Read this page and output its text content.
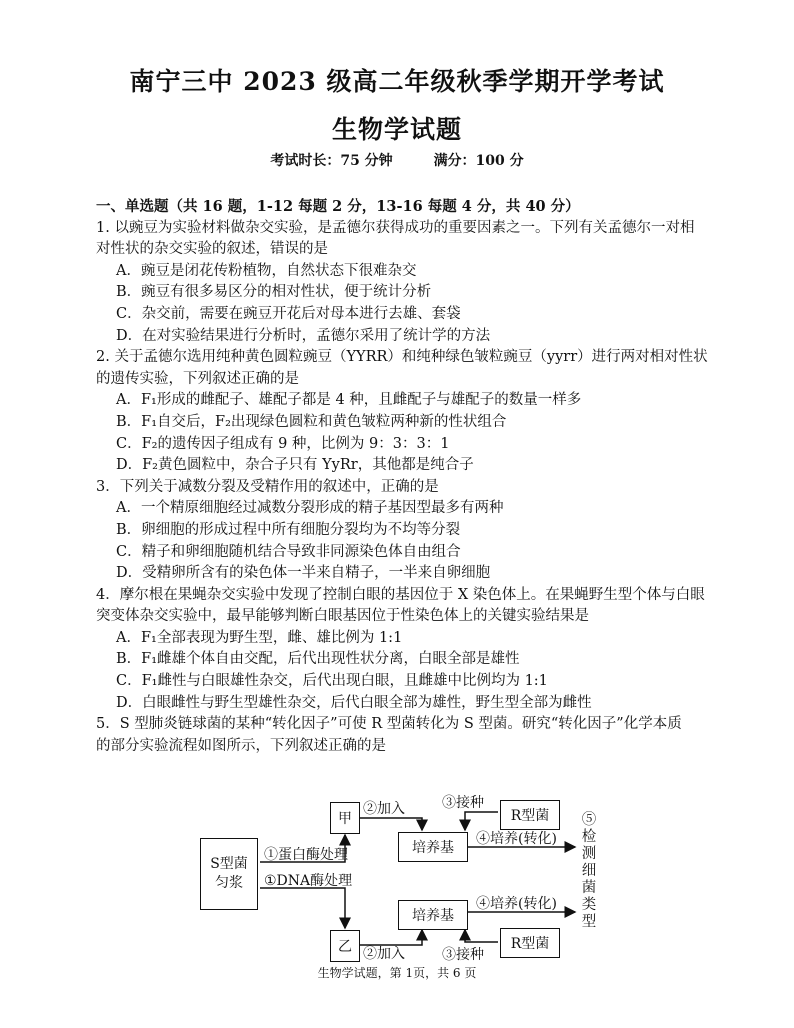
南宁三中 2023 级高二年级秋季学期开学考试
生物学试题
考试时长：75 分钟	满分：100 分
一、单选题（共 16 题，1-12 每题 2 分，13-16 每题 4 分，共 40 分）
1. 以豌豆为实验材料做杂交实验，是孟德尔获得成功的重要因素之一。下列有关孟德尔一对相
对性状的杂交实验的叙述，错误的是
A．豌豆是闭花传粉植物，自然状态下很难杂交
B．豌豆有很多易区分的相对性状，便于统计分析
C．杂交前，需要在豌豆开花后对母本进行去雄、套袋
D．在对实验结果进行分析时，孟德尔采用了统计学的方法
2. 关于孟德尔选用纯种黄色圆粒豌豆（YYRR）和纯种绿色皱粒豌豆（yyrr）进行两对相对性状
的遗传实验，下列叙述正确的是
A．F₁形成的雌配子、雄配子都是 4 种，且雌配子与雄配子的数量一样多
B．F₁自交后，F₂出现绿色圆粒和黄色皱粒两种新的性状组合
C．F₂的遗传因子组成有 9 种，比例为 9：3：3：1
D．F₂黄色圆粒中，杂合子只有 YyRr，其他都是纯合子
3．下列关于减数分裂及受精作用的叙述中，正确的是
A．一个精原细胞经过减数分裂形成的精子基因型最多有两种
B．卵细胞的形成过程中所有细胞分裂均为不均等分裂
C．精子和卵细胞随机结合导致非同源染色体自由组合
D．受精卵所含有的染色体一半来自精子，一半来自卵细胞
4．摩尔根在果蝇杂交实验中发现了控制白眼的基因位于 X 染色体上。在果蝇野生型个体与白眼
突变体杂交实验中，最早能够判断白眼基因位于性染色体上的关键实验结果是
A．F₁全部表现为野生型，雌、雄比例为 1:1
B．F₁雌雄个体自由交配，后代出现性状分离，白眼全部是雄性
C．F₁雌性与白眼雄性杂交，后代出现白眼，且雌雄中比例均为 1:1
D．白眼雌性与野生型雄性杂交，后代白眼全部为雄性，野生型全部为雌性
5．S 型肺炎链球菌的某种“转化因子”可使 R 型菌转化为 S 型菌。研究“转化因子”化学本质
的部分实验流程如图所示，下列叙述正确的是
S型菌匀浆
甲
乙
培养基
培养基
R型菌
R型菌
②加入	③接种
①蛋白酶处理
①DNA酶处理
④培养(转化)
④培养(转化)
②加入	③接种
⑤检测细菌类型
生物学试题，第 1页，共 6 页
